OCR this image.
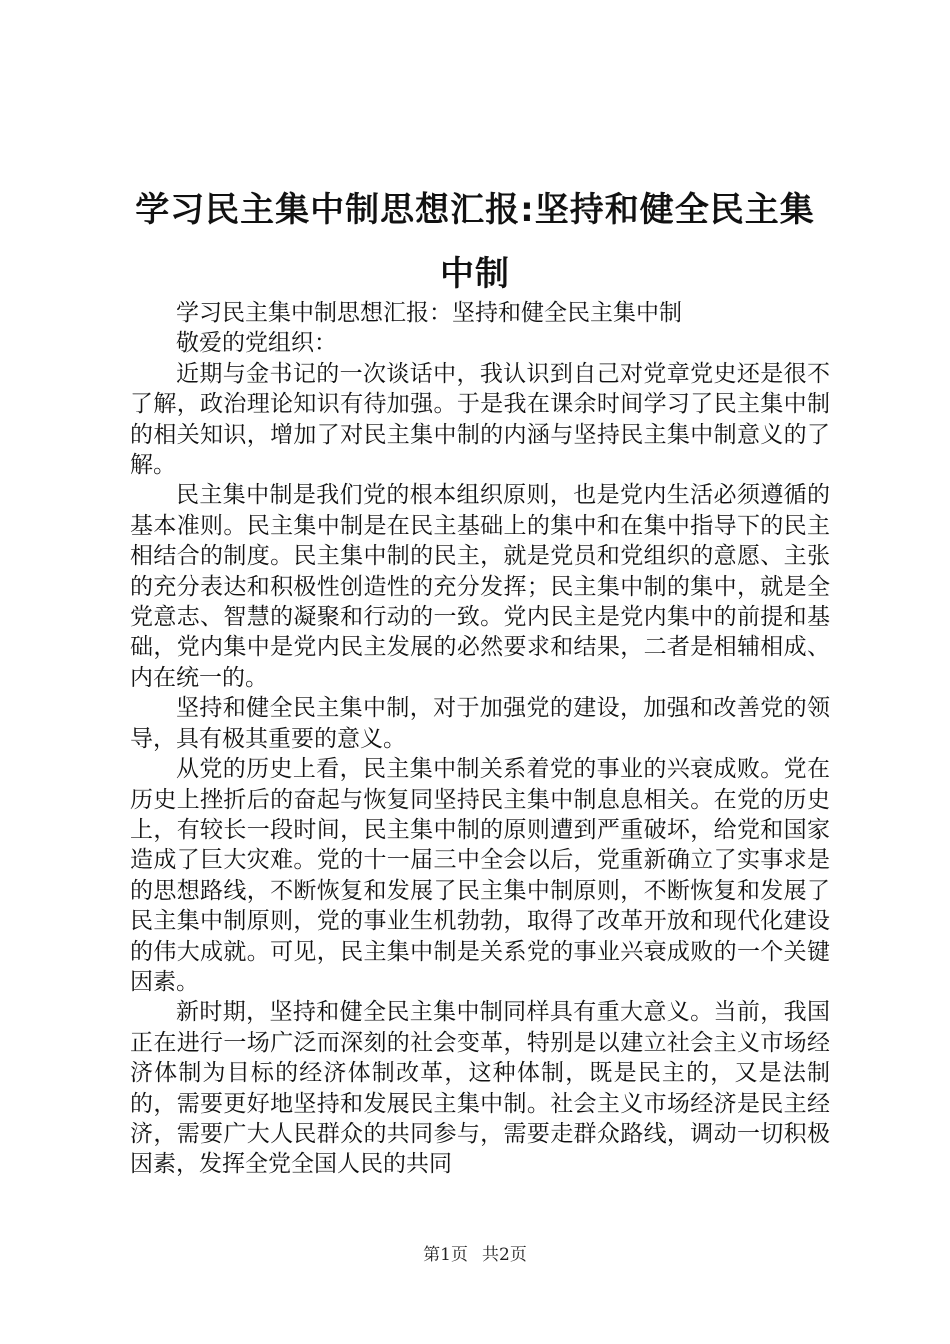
学习民主集中制思想汇报:坚持和健全民主集中制

学习民主集中制思想汇报：坚持和健全民主集中制

敬爱的党组织：

近期与金书记的一次谈话中，我认识到自己对党章党史还是很不了解，政治理论知识有待加强。于是我在课余时间学习了民主集中制的相关知识，增加了对民主集中制的内涵与坚持民主集中制意义的了解。

民主集中制是我们党的根本组织原则，也是党内生活必须遵循的基本准则。民主集中制是在民主基础上的集中和在集中指导下的民主相结合的制度。民主集中制的民主，就是党员和党组织的意愿、主张的充分表达和积极性创造性的充分发挥；民主集中制的集中，就是全党意志、智慧的凝聚和行动的一致。党内民主是党内集中的前提和基础，党内集中是党内民主发展的必然要求和结果，二者是相辅相成、内在统一的。

坚持和健全民主集中制，对于加强党的建设，加强和改善党的领导，具有极其重要的意义。

从党的历史上看，民主集中制关系着党的事业的兴衰成败。党在历史上挫折后的奋起与恢复同坚持民主集中制息息相关。在党的历史上，有较长一段时间，民主集中制的原则遭到严重破坏，给党和国家造成了巨大灾难。党的十一届三中全会以后，党重新确立了实事求是的思想路线，不断恢复和发展了民主集中制原则，不断恢复和发展了民主集中制原则，党的事业生机勃勃，取得了改革开放和现代化建设的伟大成就。可见，民主集中制是关系党的事业兴衰成败的一个关键因素。

新时期，坚持和健全民主集中制同样具有重大意义。当前，我国正在进行一场广泛而深刻的社会变革，特别是以建立社会主义市场经济体制为目标的经济体制改革，这种体制，既是民主的，又是法制的，需要更好地坚持和发展民主集中制。社会主义市场经济是民主经济，需要广大人民群众的共同参与，需要走群众路线，调动一切积极因素，发挥全党全国人民的共同

第1页 共2页
